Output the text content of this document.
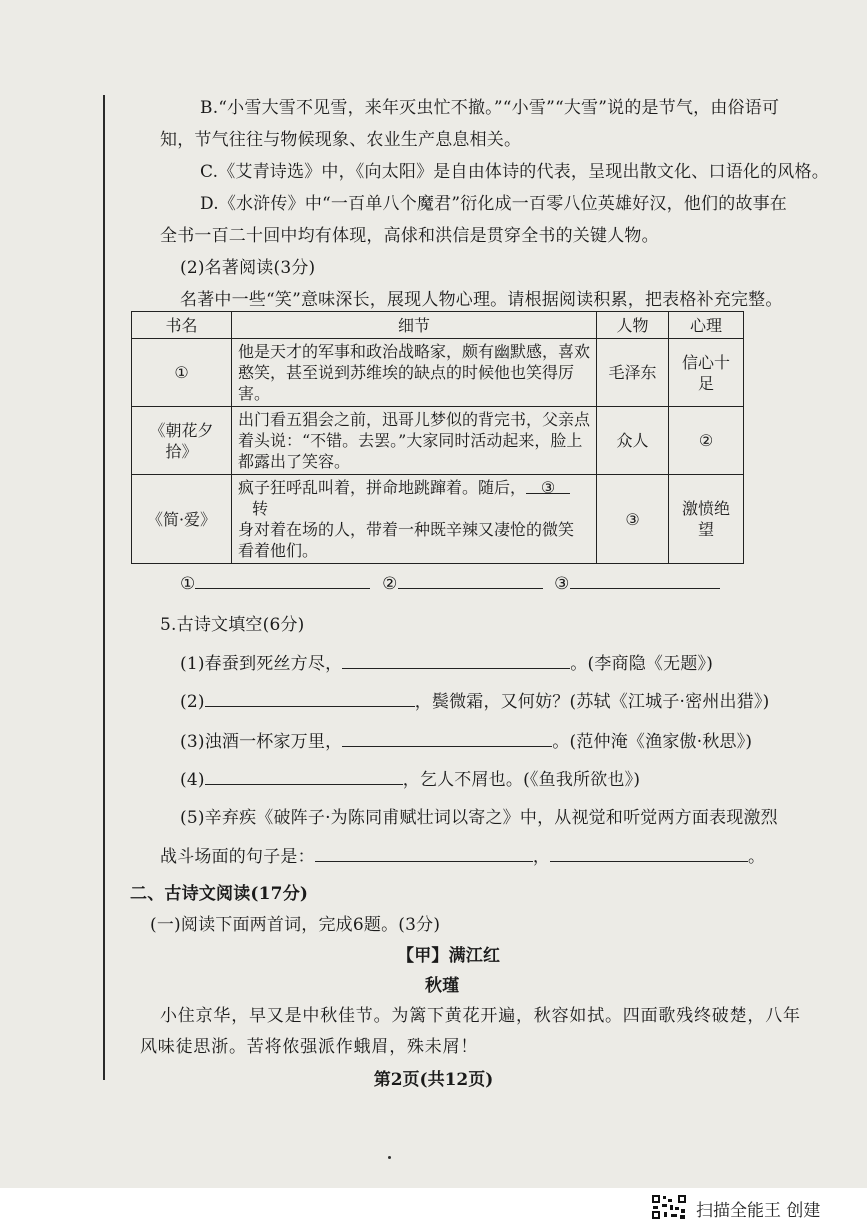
B.“小雪大雪不见雪，来年灭虫忙不撤。”“小雪”“大雪”说的是节气，由俗语可
知，节气往往与物候现象、农业生产息息相关。
C.《艾青诗选》中，《向太阳》是自由体诗的代表，呈现出散文化、口语化的风格。
D.《水浒传》中“一百单八个魔君”衍化成一百零八位英雄好汉，他们的故事在
全书一百二十回中均有体现，高俅和洪信是贯穿全书的关键人物。
(2)名著阅读(3分)
名著中一些“笑”意味深长，展现人物心理。请根据阅读积累，把表格补充完整。
书名	细节	人物	心理
①	他是天才的军事和政治战略家，颇有幽默感，喜欢
憨笑，甚至说到苏维埃的缺点的时候他也笑得厉
害。	毛泽东	信心十足
《朝花夕拾》	出门看五猖会之前，迅哥儿梦似的背完书，父亲点
着头说：“不错。去罢。”大家同时活动起来，脸上
都露出了笑容。	众人	②
《简·爱》	疯子狂呼乱叫着，拼命地跳蹿着。随后， ③转
身对着在场的人，带着一种既辛辣又凄怆的微笑
看着他们。	③	激愤绝望
①	②	③
5.古诗文填空(6分)
(1)春蚕到死丝方尽，	。(李商隐《无题》)
(2)	，鬓微霜，又何妨？(苏轼《江城子·密州出猎》)
(3)浊酒一杯家万里，	。(范仲淹《渔家傲·秋思》)
(4)	，乞人不屑也。(《鱼我所欲也》)
(5)辛弃疾《破阵子·为陈同甫赋壮词以寄之》中，从视觉和听觉两方面表现激烈
战斗场面的句子是：	，	。
二、古诗文阅读(17分)
(一)阅读下面两首词，完成6题。(3分)
【甲】满江红
秋瑾
小住京华，早又是中秋佳节。为篱下黄花开遍，秋容如拭。四面歌残终破楚，八年
风味徒思浙。苦将侬强派作蛾眉，殊未屑！
第2页(共12页)
扫描全能王 创建
